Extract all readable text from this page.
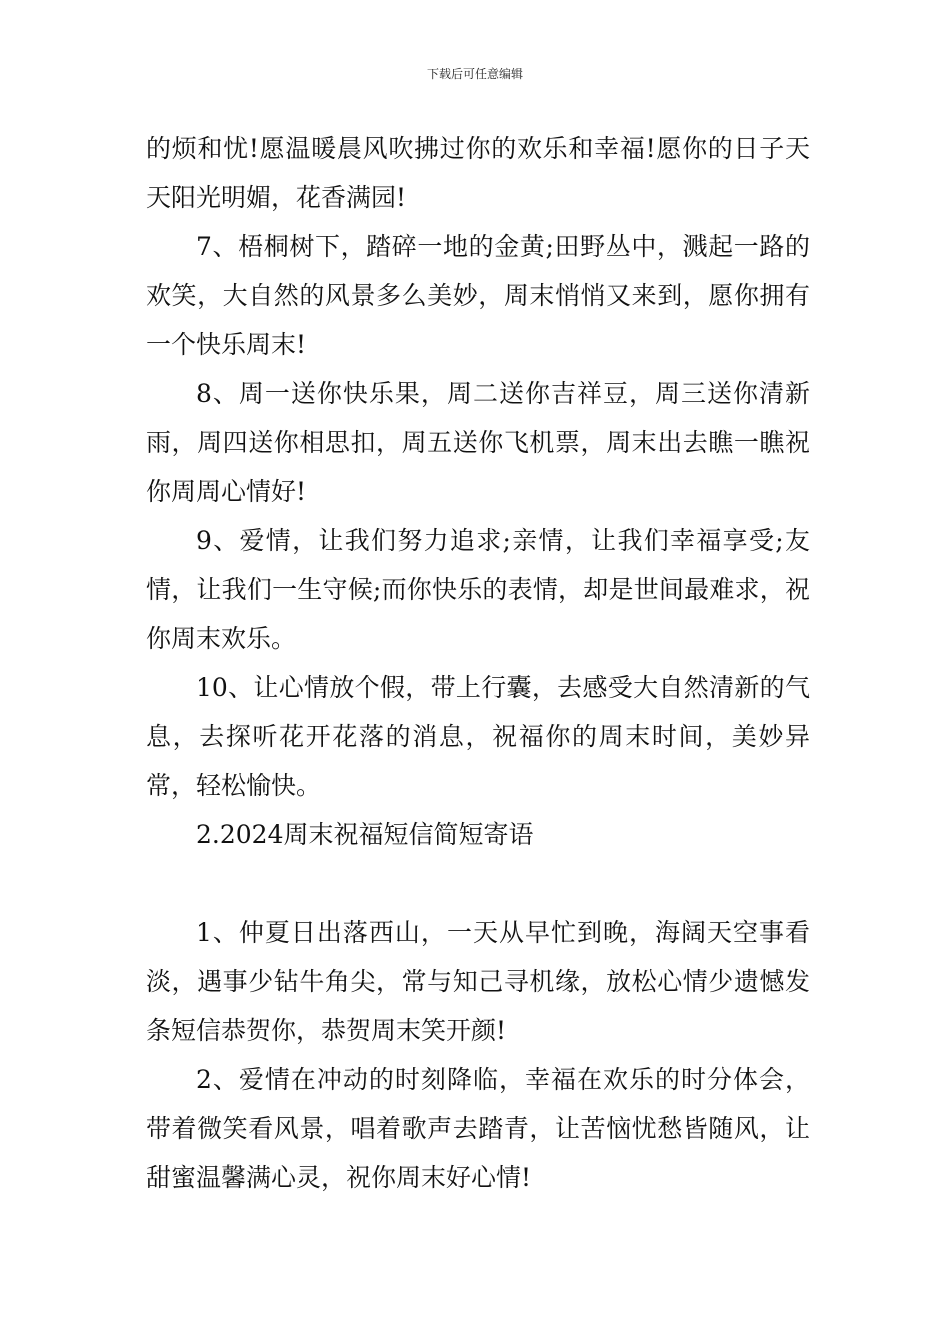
下载后可任意编辑

的烦和忧!愿温暖晨风吹拂过你的欢乐和幸福!愿你的日子天天阳光明媚，花香满园!

7、梧桐树下，踏碎一地的金黄;田野丛中，溅起一路的欢笑，大自然的风景多么美妙，周末悄悄又来到，愿你拥有一个快乐周末!

8、周一送你快乐果，周二送你吉祥豆，周三送你清新雨，周四送你相思扣，周五送你飞机票，周末出去瞧一瞧祝你周周心情好!

9、爱情，让我们努力追求;亲情，让我们幸福享受;友情，让我们一生守候;而你快乐的表情，却是世间最难求，祝你周末欢乐。

10、让心情放个假，带上行囊，去感受大自然清新的气息，去探听花开花落的消息，祝福你的周末时间，美妙异常，轻松愉快。

2.2024周末祝福短信简短寄语

1、仲夏日出落西山，一天从早忙到晚，海阔天空事看淡，遇事少钻牛角尖，常与知己寻机缘，放松心情少遗憾发条短信恭贺你，恭贺周末笑开颜!

2、爱情在冲动的时刻降临，幸福在欢乐的时分体会，带着微笑看风景，唱着歌声去踏青，让苦恼忧愁皆随风，让甜蜜温馨满心灵，祝你周末好心情!
